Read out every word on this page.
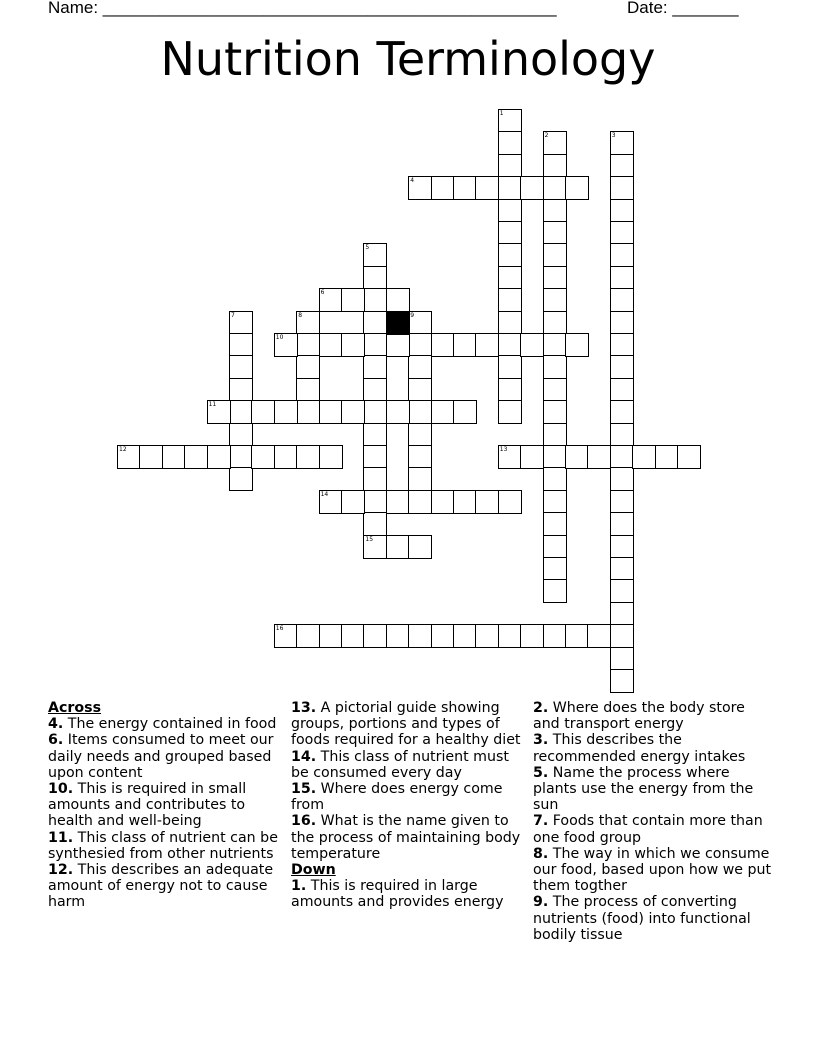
Name: ________________________________________________	Date: _______
Nutrition Terminology
1
2	3
4
5
6
7	8	9
10
11
12	13
14
15
16
Across
4. The energy contained in food
6. Items consumed to meet our daily needs and grouped based upon content
10. This is required in small amounts and contributes to health and well-being
11. This class of nutrient can be synthesied from other nutrients
12. This describes an adequate amount of energy not to cause harm
13. A pictorial guide showing groups, portions and types of foods required for a healthy diet
14. This class of nutrient must be consumed every day
15. Where does energy come from
16. What is the name given to the process of maintaining body temperature
Down
1. This is required in large amounts and provides energy
2. Where does the body store and transport energy
3. This describes the recommended energy intakes
5. Name the process where plants use the energy from the sun
7. Foods that contain more than one food group
8. The way in which we consume our food, based upon how we put them togther
9. The process of converting nutrients (food) into functional bodily tissue
